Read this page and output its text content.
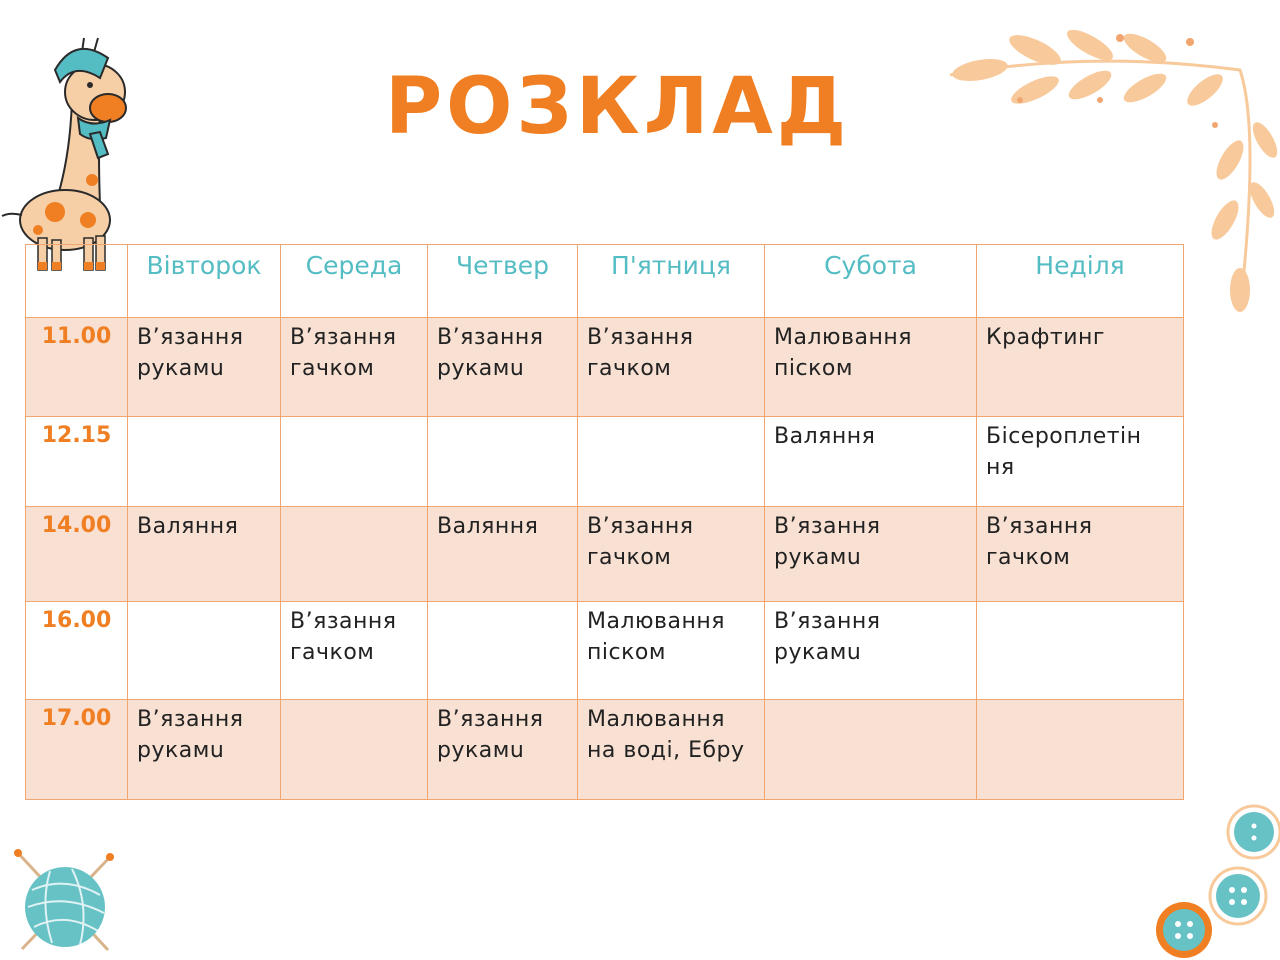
РОЗКЛАД

	Вівторок	Середа	Четвер	П'ятниця	Субота	Неділя

11.00	В’язання рукамu	В’язання гачком	В’язання рукамu	В’язання гачком	Малювання піском	Крафтинг

12.15					Валяння	Бісероплетін ня

14.00	Валяння		Валяння	В’язання гачком	В’язання рукамu	В’язання гачком

16.00		В’язання гачком		Малювання піском	В’язання рукамu	

17.00	В’язання рукамu		В’язання рукамu	Малювання на воді, Ебру		
